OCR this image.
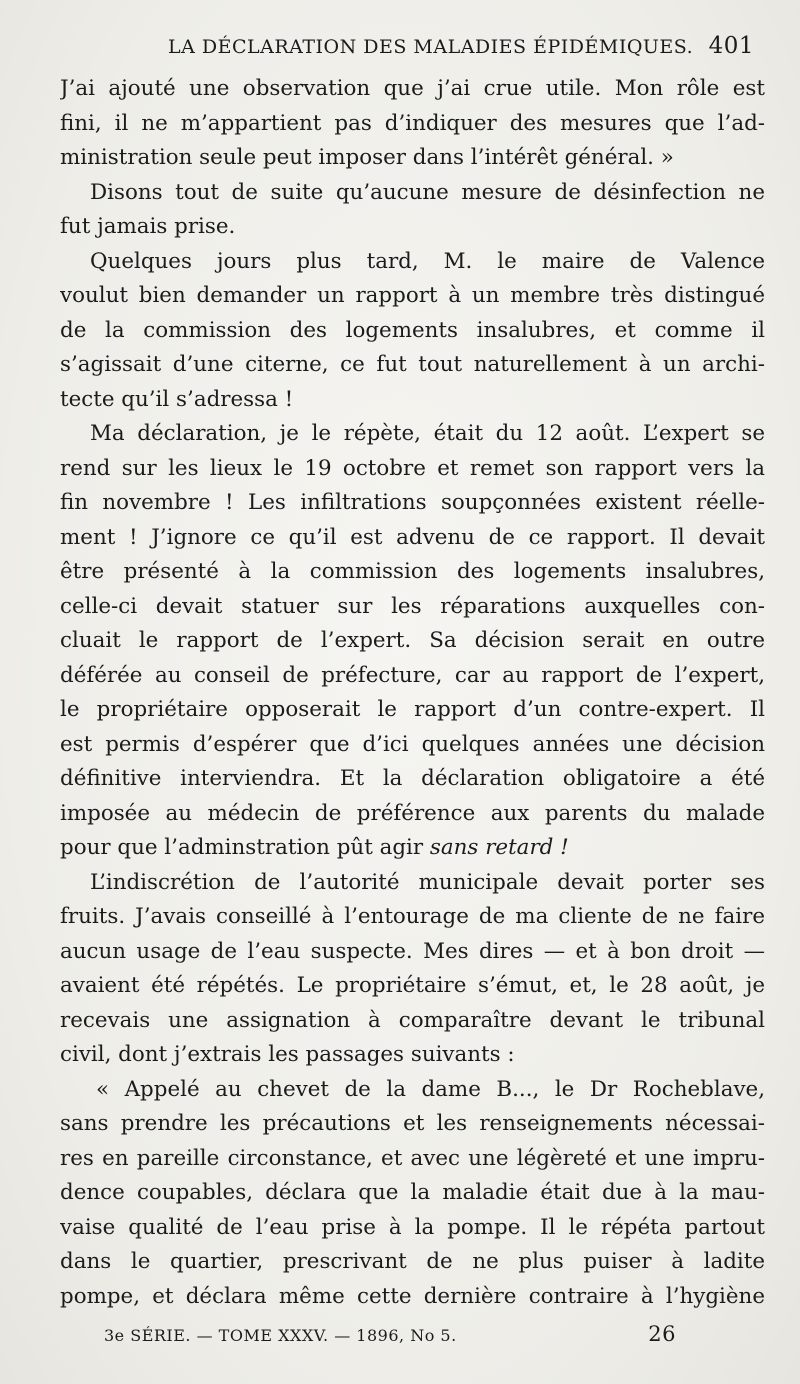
LA DÉCLARATION DES MALADIES ÉPIDÉMIQUES. 401
J’ai ajouté une observation que j’ai crue utile. Mon rôle est
fini, il ne m’appartient pas d’indiquer des mesures que l’ad-
ministration seule peut imposer dans l’intérêt général. »
Disons tout de suite qu’aucune mesure de désinfection ne
fut jamais prise.
Quelques jours plus tard, M. le maire de Valence
voulut bien demander un rapport à un membre très distingué
de la commission des logements insalubres, et comme il
s’agissait d’une citerne, ce fut tout naturellement à un archi-
tecte qu’il s’adressa !
Ma déclaration, je le répète, était du 12 août. L’expert se
rend sur les lieux le 19 octobre et remet son rapport vers la
fin novembre ! Les infiltrations soupçonnées existent réelle-
ment ! J’ignore ce qu’il est advenu de ce rapport. Il devait
être présenté à la commission des logements insalubres,
celle-ci devait statuer sur les réparations auxquelles con-
cluait le rapport de l’expert. Sa décision serait en outre
déférée au conseil de préfecture, car au rapport de l’expert,
le propriétaire opposerait le rapport d’un contre-expert. Il
est permis d’espérer que d’ici quelques années une décision
définitive interviendra. Et la déclaration obligatoire a été
imposée au médecin de préférence aux parents du malade
pour que l’adminstration pût agir sans retard !
L’indiscrétion de l’autorité municipale devait porter ses
fruits. J’avais conseillé à l’entourage de ma cliente de ne faire
aucun usage de l’eau suspecte. Mes dires — et à bon droit —
avaient été répétés. Le propriétaire s’émut, et, le 28 août, je
recevais une assignation à comparaître devant le tribunal
civil, dont j’extrais les passages suivants :
« Appelé au chevet de la dame B..., le Dr Rocheblave,
sans prendre les précautions et les renseignements nécessai-
res en pareille circonstance, et avec une légèreté et une impru-
dence coupables, déclara que la maladie était due à la mau-
vaise qualité de l’eau prise à la pompe. Il le répéta partout
dans le quartier, prescrivant de ne plus puiser à ladite
pompe, et déclara même cette dernière contraire à l’hygiène
3e SÉRIE. — TOME XXXV. — 1896, No 5.	26
